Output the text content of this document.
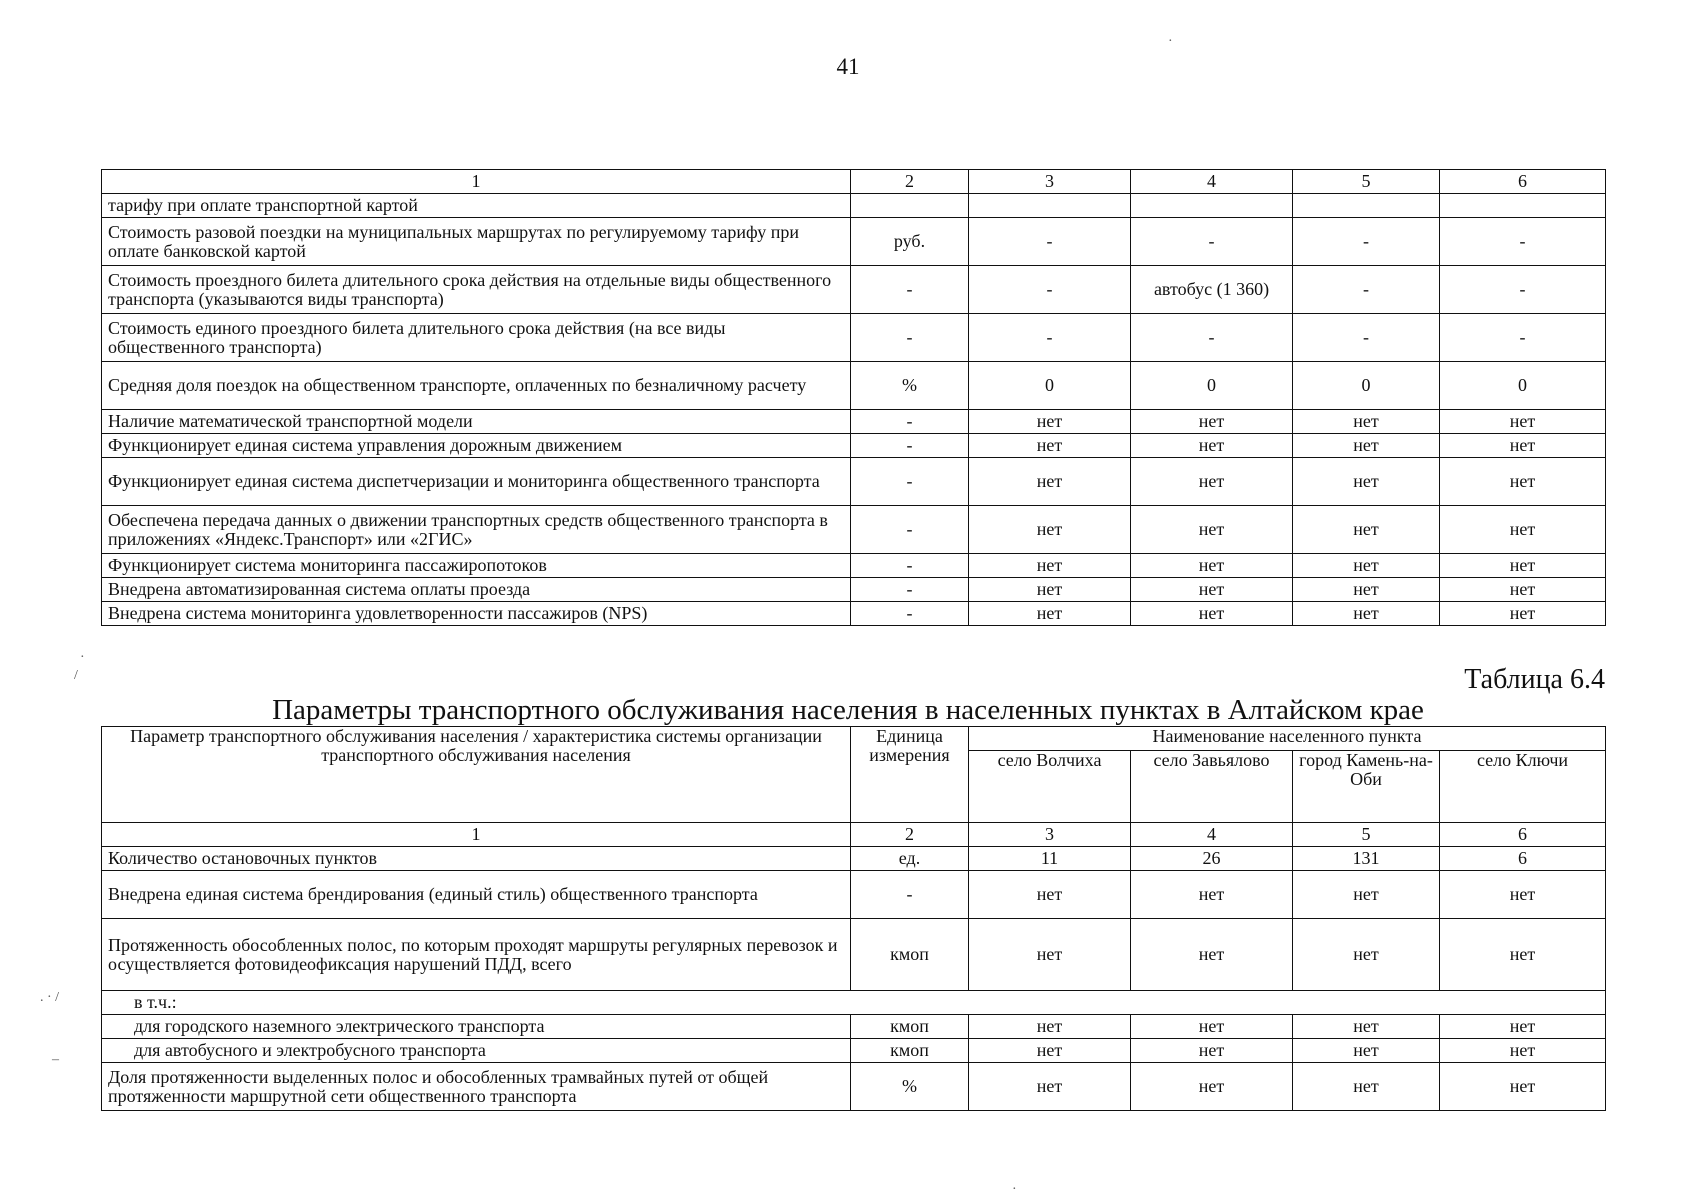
41
1	2	3	4	5	6
тарифу при оплате транспортной картой					
Стоимость разовой поездки на муниципальных маршрутах по регулируемому тарифу при оплате банковской картой	руб.	-	-	-	-
Стоимость проездного билета длительного срока действия на отдельные виды общественного транспорта (указываются виды транспорта)	-	-	автобус (1 360)	-	-
Стоимость единого проездного билета длительного срока действия (на все виды общественного транспорта)	-	-	-	-	-
Средняя доля поездок на общественном транспорте, оплаченных по безналичному расчету	%	0	0	0	0
Наличие математической транспортной модели	-	нет	нет	нет	нет
Функционирует единая система управления дорожным движением	-	нет	нет	нет	нет
Функционирует единая система диспетчеризации и мониторинга общественного транспорта	-	нет	нет	нет	нет
Обеспечена передача данных о движении транспортных средств общественного транспорта в приложениях «Яндекс.Транспорт» или «2ГИС»	-	нет	нет	нет	нет
Функционирует система мониторинга пассажиропотоков	-	нет	нет	нет	нет
Внедрена автоматизированная система оплаты проезда	-	нет	нет	нет	нет
Внедрена система мониторинга удовлетворенности пассажиров (NPS)	-	нет	нет	нет	нет
Таблица 6.4
Параметры транспортного обслуживания населения в населенных пунктах в Алтайском крае
Параметр транспортного обслуживания населения / характеристика системы организации транспортного обслуживания населения	Единица измерения	Наименование населенного пункта			
		село Волчиха	село Завьялово	город Камень-на-Оби	село Ключи
1	2	3	4	5	6
Количество остановочных пунктов	ед.	11	26	131	6
Внедрена единая система брендирования (единый стиль) общественного транспорта	-	нет	нет	нет	нет
Протяженность обособленных полос, по которым проходят маршруты регулярных перевозок и осуществляется фотовидеофиксация нарушений ПДД, всего	кмоп	нет	нет	нет	нет
в т.ч.:					
для городского наземного электрического транспорта	кмоп	нет	нет	нет	нет
для автобусного и электробусного транспорта	кмоп	нет	нет	нет	нет
Доля протяженности выделенных полос и обособленных трамвайных путей от общей протяженности маршрутной сети общественного транспорта	%	нет	нет	нет	нет
·
·
/
. · /
‒
·
